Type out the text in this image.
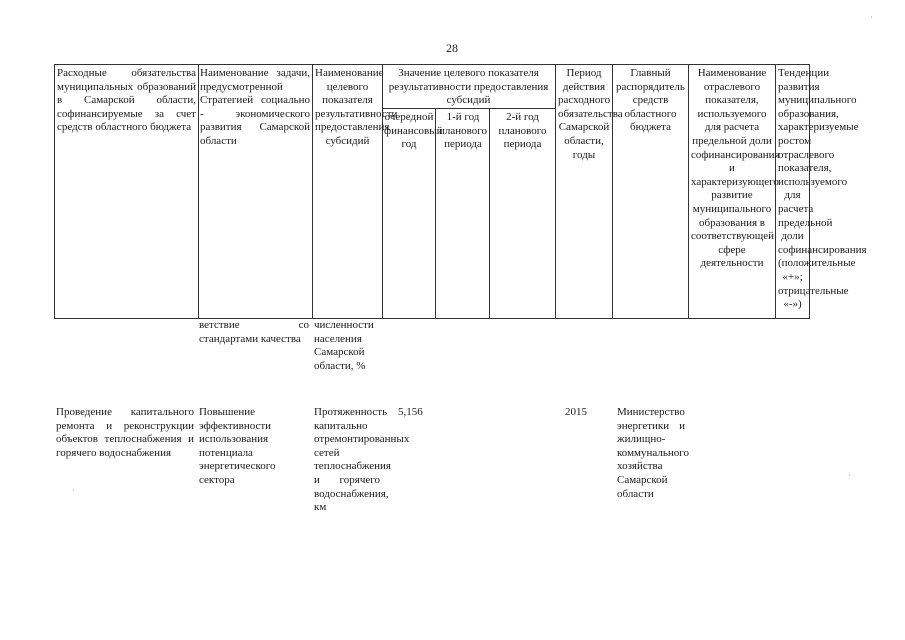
28
Расходные обязательства муниципальных образований в Самарской области, софинансируемые за счет средств областного бюджета
Наименование задачи, предусмотренной Стратегией социально - экономического развития Самарской области
Наименование целевого показателя результативности предоставления субсидий
Значение целевого показателя результативности предоставления субсидий
очередной финансовый год
1-й год планового периода
2-й год планового периода
Период действия расходного обязательства Самарской области, годы
Главный распорядитель средств областного бюджета
Наименование отраслевого показателя, используемого для расчета предельной доли софинансирования и характеризующего развитие муниципального образования в соответствующей сфере деятельности
Тенденции развития муниципального образования, характеризуемые ростом отраслевого показателя, используемого для расчета предельной доли софинансирования (положительные «+»; отрицательные «-»)
ветствие со стандартами качества
численности населения Самарской области, %
Проведение капитального ремонта и реконструкции объектов теплоснабжения и горячего водоснабжения
Повышение эффективности использования потенциала энергетического сектора
Протяженность капитально отремонтированных сетей теплоснабжения и горячего водоснабжения, км
5,156	2015	Министерство энергетики и жилищно-коммунального хозяйства Самарской области
´
·
·
